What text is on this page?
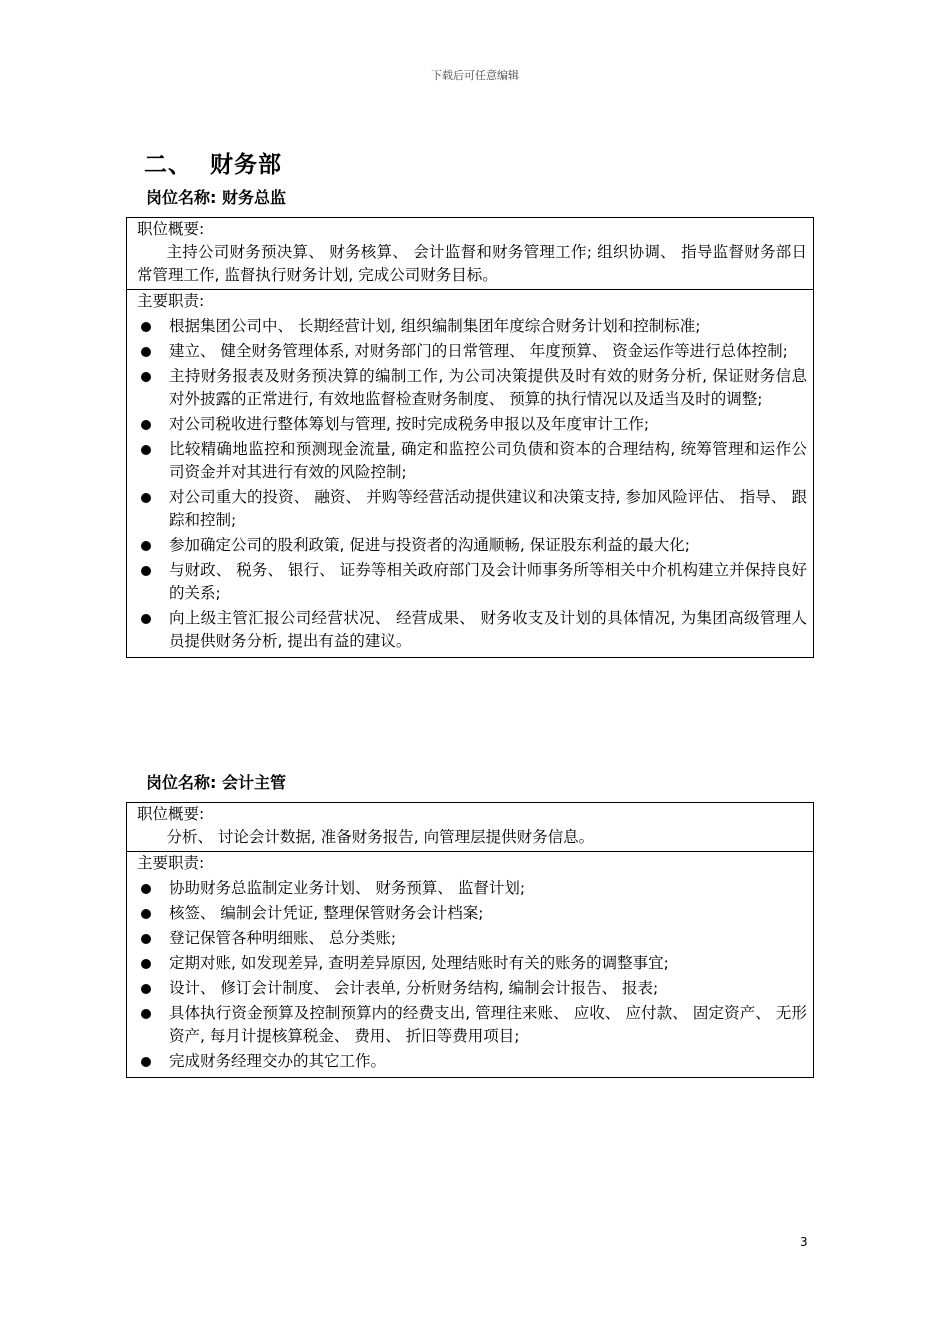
下载后可任意编辑
二、 财务部
岗位名称: 财务总监
职位概要:
主持公司财务预决算、 财务核算、 会计监督和财务管理工作; 组织协调、 指导监督财务部日常管理工作, 监督执行财务计划, 完成公司财务目标。
主要职责:
根据集团公司中、 长期经营计划, 组织编制集团年度综合财务计划和控制标准;
建立、 健全财务管理体系, 对财务部门的日常管理、 年度预算、 资金运作等进行总体控制;
主持财务报表及财务预决算的编制工作, 为公司决策提供及时有效的财务分析, 保证财务信息对外披露的正常进行, 有效地监督检查财务制度、 预算的执行情况以及适当及时的调整;
对公司税收进行整体筹划与管理, 按时完成税务申报以及年度审计工作;
比较精确地监控和预测现金流量, 确定和监控公司负债和资本的合理结构, 统筹管理和运作公司资金并对其进行有效的风险控制;
对公司重大的投资、 融资、 并购等经营活动提供建议和决策支持, 参加风险评估、 指导、 跟踪和控制;
参加确定公司的股利政策, 促进与投资者的沟通顺畅, 保证股东利益的最大化;
与财政、 税务、 银行、 证券等相关政府部门及会计师事务所等相关中介机构建立并保持良好的关系;
向上级主管汇报公司经营状况、 经营成果、 财务收支及计划的具体情况, 为集团高级管理人员提供财务分析, 提出有益的建议。
岗位名称: 会计主管
职位概要:
分析、 讨论会计数据, 准备财务报告, 向管理层提供财务信息。
主要职责:
协助财务总监制定业务计划、 财务预算、 监督计划;
核签、 编制会计凭证, 整理保管财务会计档案;
登记保管各种明细账、 总分类账;
定期对账, 如发现差异, 查明差异原因, 处理结账时有关的账务的调整事宜;
设计、 修订会计制度、 会计表单, 分析财务结构, 编制会计报告、 报表;
具体执行资金预算及控制预算内的经费支出, 管理往来账、 应收、 应付款、 固定资产、 无形资产, 每月计提核算税金、 费用、 折旧等费用项目;
完成财务经理交办的其它工作。
3
